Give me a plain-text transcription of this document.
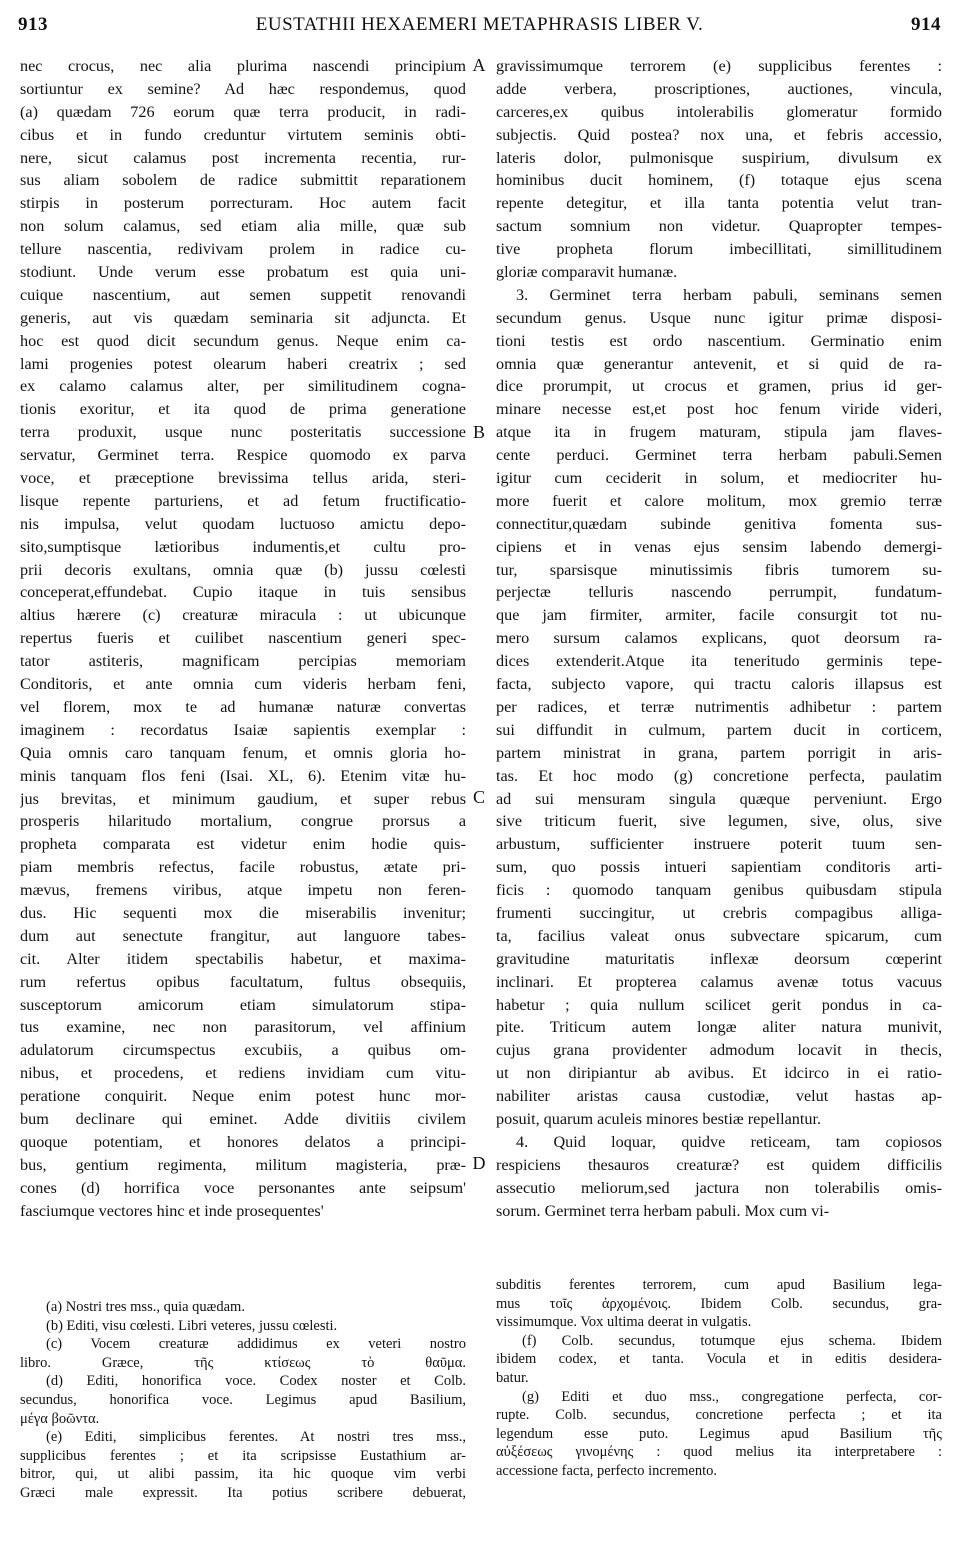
913	EUSTATHII HEXAEMERI METAPHRASIS LIBER V.	914
nec crocus, nec alia plurima nascendi principium
sortiuntur ex semine? Ad hæc respondemus, quod
(a) quædam 726 eorum quæ terra producit, in radi-
cibus et in fundo creduntur virtutem seminis obti-
nere, sicut calamus post incrementa recentia, rur-
sus aliam sobolem de radice submittit reparationem
stirpis in posterum porrecturam. Hoc autem facit
non solum calamus, sed etiam alia mille, quæ sub
tellure nascentia, redivivam prolem in radice cu-
stodiunt. Unde verum esse probatum est quia uni-
cuique nascentium, aut semen suppetit renovandi
generis, aut vis quædam seminaria sit adjuncta. Et
hoc est quod dicit secundum genus. Neque enim ca-
lami progenies potest olearum haberi creatrix ; sed
ex calamo calamus alter, per similitudinem cogna-
tionis exoritur, et ita quod de prima generatione
terra produxit, usque nunc posteritatis successione
servatur, Germinet terra. Respice quomodo ex parva
voce, et præceptione brevissima tellus arida, steri-
lisque repente parturiens, et ad fetum fructificatio-
nis impulsa, velut quodam luctuoso amictu depo-
sito,sumptisque lætioribus indumentis,et cultu pro-
prii decoris exultans, omnia quæ (b) jussu cœlesti
conceperat,effundebat. Cupio itaque in tuis sensibus
altius hærere (c) creaturæ miracula : ut ubicunque
repertus fueris et cuilibet nascentium generi spec-
tator astiteris, magnificam percipias memoriam
Conditoris, et ante omnia cum videris herbam feni,
vel florem, mox te ad humanæ naturæ convertas
imaginem : recordatus Isaiæ sapientis exemplar :
Quia omnis caro tanquam fenum, et omnis gloria ho-
minis tanquam flos feni (Isai. XL, 6). Etenim vitæ hu-
jus brevitas, et minimum gaudium, et super rebus
prosperis hilaritudo mortalium, congrue prorsus a
propheta comparata est videtur enim hodie quis-
piam membris refectus, facile robustus, ætate pri-
mævus, fremens viribus, atque impetu non feren-
dus. Hic sequenti mox die miserabilis invenitur;
dum aut senectute frangitur, aut languore tabes-
cit. Alter itidem spectabilis habetur, et maxima-
rum refertus opibus facultatum, fultus obsequiis,
susceptorum amicorum etiam simulatorum stipa-
tus examine, nec non parasitorum, vel affinium
adulatorum circumspectus excubiis, a quibus om-
nibus, et procedens, et rediens invidiam cum vitu-
peratione conquirit. Neque enim potest hunc mor-
bum declinare qui eminet. Adde divitiis civilem
quoque potentiam, et honores delatos a principi-
bus, gentium regimenta, militum magisteria, præ-
cones (d) horrifica voce personantes ante seipsum'
fasciumque vectores hinc et inde prosequentes'
gravissimumque terrorem (e) supplicibus ferentes :
adde verbera, proscriptiones, auctiones, vincula,
carceres,ex quibus intolerabilis glomeratur formido
subjectis. Quid postea? nox una, et febris accessio,
lateris dolor, pulmonisque suspirium, divulsum ex
hominibus ducit hominem, (f) totaque ejus scena
repente detegitur, et illa tanta potentia velut tran-
sactum somnium non videtur. Quapropter tempes-
tive propheta florum imbecillitati, simillitudinem
gloriæ comparavit humanæ.
3. Germinet terra herbam pabuli, seminans semen
secundum genus. Usque nunc igitur primæ disposi-
tioni testis est ordo nascentium. Germinatio enim
omnia quæ generantur antevenit, et si quid de ra-
dice prorumpit, ut crocus et gramen, prius id ger-
minare necesse est,et post hoc fenum viride videri,
atque ita in frugem maturam, stipula jam flaves-
cente perduci. Germinet terra herbam pabuli.Semen
igitur cum ceciderit in solum, et mediocriter hu-
more fuerit et calore molitum, mox gremio terræ
connectitur,quædam subinde genitiva fomenta sus-
cipiens et in venas ejus sensim labendo demergi-
tur, sparsisque minutissimis fibris tumorem su-
perjectæ telluris nascendo perrumpit, fundatum-
que jam firmiter, armiter, facile consurgit tot nu-
mero sursum calamos explicans, quot deorsum ra-
dices extenderit.Atque ita teneritudo germinis tepe-
facta, subjecto vapore, qui tractu caloris illapsus est
per radices, et terræ nutrimentis adhibetur : partem
sui diffundit in culmum, partem ducit in corticem,
partem ministrat in grana, partem porrigit in aris-
tas. Et hoc modo (g) concretione perfecta, paulatim
ad sui mensuram singula quæque perveniunt. Ergo
sive triticum fuerit, sive legumen, sive, olus, sive
arbustum, sufficienter instruere poterit tuum sen-
sum, quo possis intueri sapientiam conditoris arti-
ficis : quomodo tanquam genibus quibusdam stipula
frumenti succingitur, ut crebris compagibus alliga-
ta, facilius valeat onus subvectare spicarum, cum
gravitudine maturitatis inflexæ deorsum cœperint
inclinari. Et propterea calamus avenæ totus vacuus
habetur ; quia nullum scilicet gerit pondus in ca-
pite. Triticum autem longæ aliter natura munivit,
cujus grana providenter admodum locavit in thecis,
ut non diripiantur ab avibus. Et idcirco in ei ratio-
nabiliter aristas causa custodiæ, velut hastas ap-
posuit, quarum aculeis minores bestiæ repellantur.
4. Quid loquar, quidve reticeam, tam copiosos
respiciens thesauros creaturæ? est quidem difficilis
assecutio meliorum,sed jactura non tolerabilis omis-
sorum. Germinet terra herbam pabuli. Mox cum vi-
A
B
C
D
(a) Nostri tres mss., quia quædam.
(b) Editi, visu cœlesti. Libri veteres, jussu cœlesti.
(c) Vocem creaturæ addidimus ex veteri nostro
libro. Græce, τῆς κτίσεως τὸ θαῦμα.
(d) Editi, honorifica voce. Codex noster et Colb.
secundus, honorifica voce. Legimus apud Basilium,
μέγα βοῶντα.
(e) Editi, simplicibus ferentes. At nostri tres mss.,
supplicibus ferentes ; et ita scripsisse Eustathium ar-
bitror, qui, ut alibi passim, ita hic quoque vim verbi
Græci male expressit. Ita potius scribere debuerat,
subditis ferentes terrorem, cum apud Basilium lega-
mus τοῖς ἀρχομένοις. Ibidem Colb. secundus, gra-
vissimumque. Vox ultima deerat in vulgatis.
(f) Colb. secundus, totumque ejus schema. Ibidem
ibidem codex, et tanta. Vocula et in editis desidera-
batur.
(g) Editi et duo mss., congregatione perfecta, cor-
rupte. Colb. secundus, concretione perfecta ; et ita
legendum esse puto. Legimus apud Basilium τῆς
αὐξέσεως γινομένης : quod melius ita interpretabere :
accessione facta, perfecto incremento.
